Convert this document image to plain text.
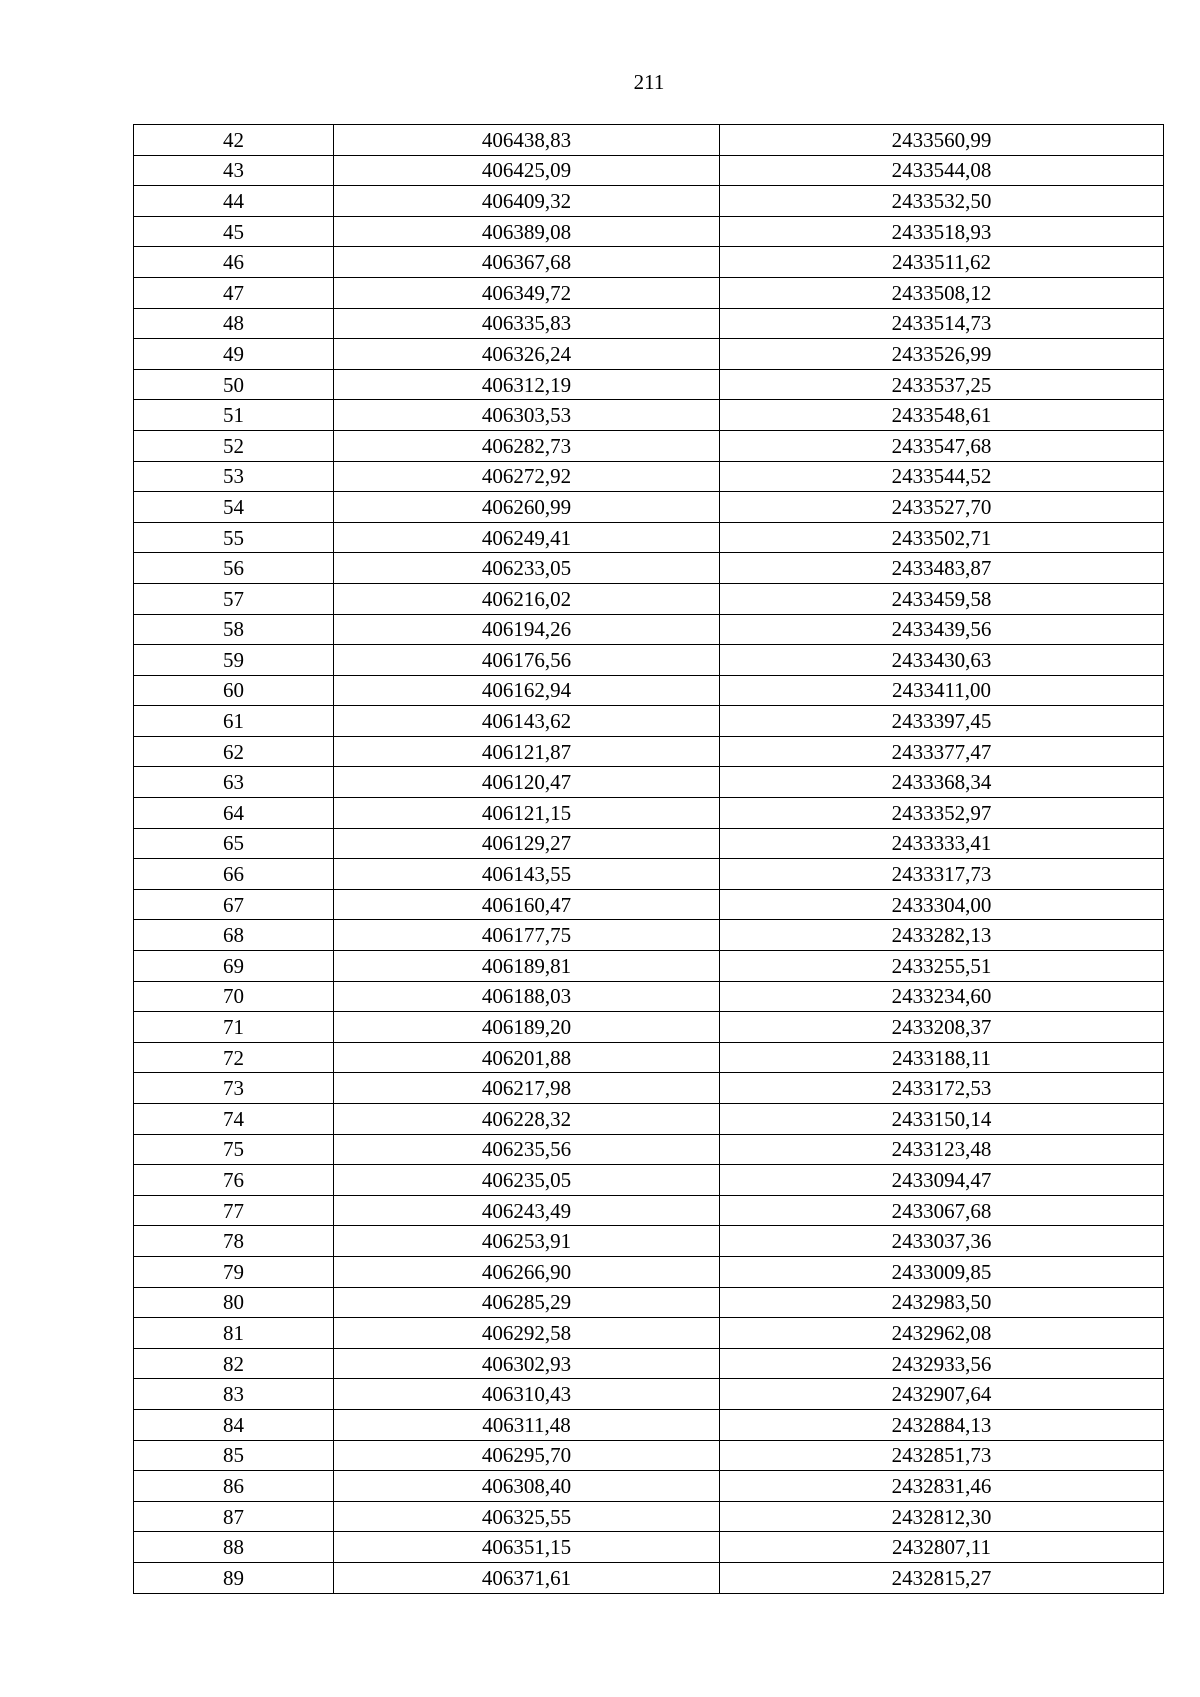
211
42	406438,83	2433560,99
43	406425,09	2433544,08
44	406409,32	2433532,50
45	406389,08	2433518,93
46	406367,68	2433511,62
47	406349,72	2433508,12
48	406335,83	2433514,73
49	406326,24	2433526,99
50	406312,19	2433537,25
51	406303,53	2433548,61
52	406282,73	2433547,68
53	406272,92	2433544,52
54	406260,99	2433527,70
55	406249,41	2433502,71
56	406233,05	2433483,87
57	406216,02	2433459,58
58	406194,26	2433439,56
59	406176,56	2433430,63
60	406162,94	2433411,00
61	406143,62	2433397,45
62	406121,87	2433377,47
63	406120,47	2433368,34
64	406121,15	2433352,97
65	406129,27	2433333,41
66	406143,55	2433317,73
67	406160,47	2433304,00
68	406177,75	2433282,13
69	406189,81	2433255,51
70	406188,03	2433234,60
71	406189,20	2433208,37
72	406201,88	2433188,11
73	406217,98	2433172,53
74	406228,32	2433150,14
75	406235,56	2433123,48
76	406235,05	2433094,47
77	406243,49	2433067,68
78	406253,91	2433037,36
79	406266,90	2433009,85
80	406285,29	2432983,50
81	406292,58	2432962,08
82	406302,93	2432933,56
83	406310,43	2432907,64
84	406311,48	2432884,13
85	406295,70	2432851,73
86	406308,40	2432831,46
87	406325,55	2432812,30
88	406351,15	2432807,11
89	406371,61	2432815,27
